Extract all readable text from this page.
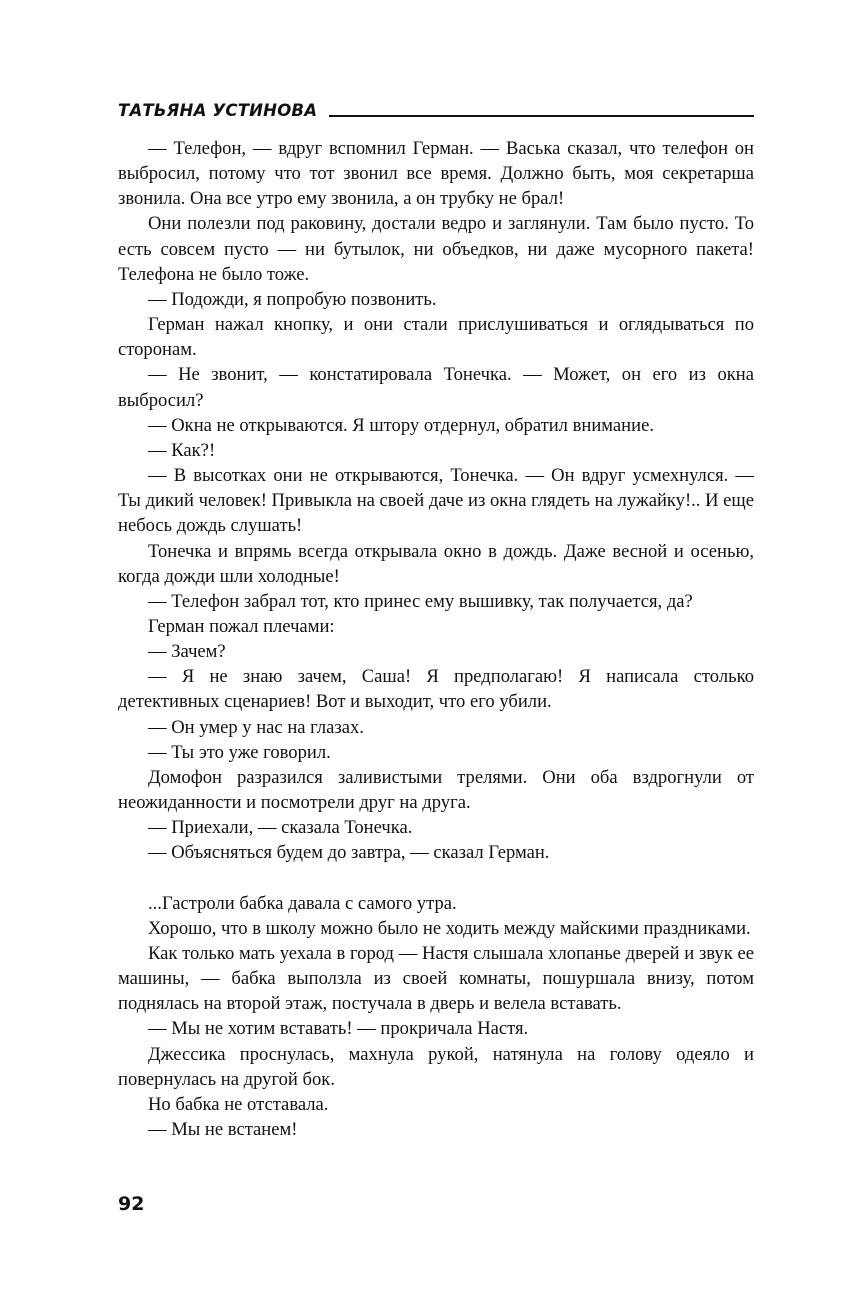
ТАТЬЯНА УСТИНОВА

— Телефон, — вдруг вспомнил Герман. — Васька сказал, что телефон он выбросил, потому что тот звонил все время. Должно быть, моя секретарша звонила. Она все утро ему звонила, а он трубку не брал!

Они полезли под раковину, достали ведро и заглянули. Там было пусто. То есть совсем пусто — ни бутылок, ни объедков, ни даже мусорного пакета! Телефона не было тоже.

— Подожди, я попробую позвонить.

Герман нажал кнопку, и они стали прислушиваться и оглядываться по сторонам.

— Не звонит, — констатировала Тонечка. — Может, он его из окна выбросил?

— Окна не открываются. Я штору отдернул, обратил внимание.

— Как?!

— В высотках они не открываются, Тонечка. — Он вдруг усмехнулся. — Ты дикий человек! Привыкла на своей даче из окна глядеть на лужайку!.. И еще небось дождь слушать!

Тонечка и впрямь всегда открывала окно в дождь. Даже весной и осенью, когда дожди шли холодные!

— Телефон забрал тот, кто принес ему вышивку, так получается, да?

Герман пожал плечами:

— Зачем?

— Я не знаю зачем, Саша! Я предполагаю! Я написала столько детективных сценариев! Вот и выходит, что его убили.

— Он умер у нас на глазах.

— Ты это уже говорил.

Домофон разразился заливистыми трелями. Они оба вздрогнули от неожиданности и посмотрели друг на друга.

— Приехали, — сказала Тонечка.

— Объясняться будем до завтра, — сказал Герман.

...Гастроли бабка давала с самого утра.

Хорошо, что в школу можно было не ходить между майскими праздниками.

Как только мать уехала в город — Настя слышала хлопанье дверей и звук ее машины, — бабка выползла из своей комнаты, пошуршала внизу, потом поднялась на второй этаж, постучала в дверь и велела вставать.

— Мы не хотим вставать! — прокричала Настя.

Джессика проснулась, махнула рукой, натянула на голову одеяло и повернулась на другой бок.

Но бабка не отставала.

— Мы не встанем!

92
